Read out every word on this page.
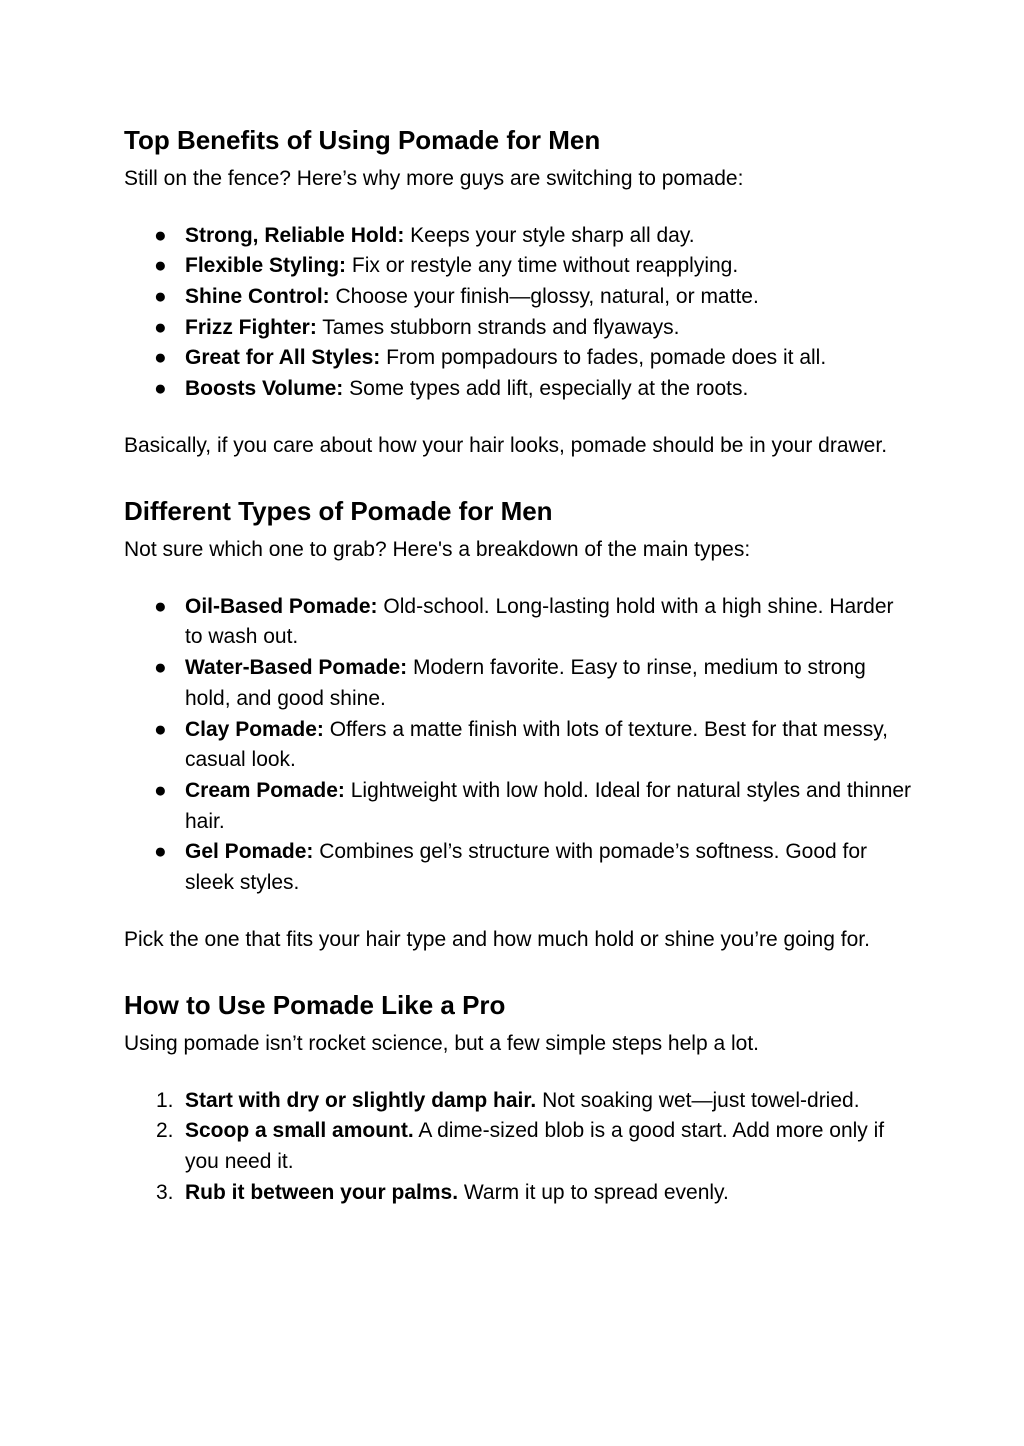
Top Benefits of Using Pomade for Men

Still on the fence? Here’s why more guys are switching to pomade:

● Strong, Reliable Hold: Keeps your style sharp all day.
● Flexible Styling: Fix or restyle any time without reapplying.
● Shine Control: Choose your finish—glossy, natural, or matte.
● Frizz Fighter: Tames stubborn strands and flyaways.
● Great for All Styles: From pompadours to fades, pomade does it all.
● Boosts Volume: Some types add lift, especially at the roots.

Basically, if you care about how your hair looks, pomade should be in your drawer.

Different Types of Pomade for Men

Not sure which one to grab? Here's a breakdown of the main types:

● Oil-Based Pomade: Old-school. Long-lasting hold with a high shine. Harder to wash out.
● Water-Based Pomade: Modern favorite. Easy to rinse, medium to strong hold, and good shine.
● Clay Pomade: Offers a matte finish with lots of texture. Best for that messy, casual look.
● Cream Pomade: Lightweight with low hold. Ideal for natural styles and thinner hair.
● Gel Pomade: Combines gel’s structure with pomade’s softness. Good for sleek styles.

Pick the one that fits your hair type and how much hold or shine you’re going for.

How to Use Pomade Like a Pro

Using pomade isn’t rocket science, but a few simple steps help a lot.

1. Start with dry or slightly damp hair. Not soaking wet—just towel-dried.
2. Scoop a small amount. A dime-sized blob is a good start. Add more only if you need it.
3. Rub it between your palms. Warm it up to spread evenly.
